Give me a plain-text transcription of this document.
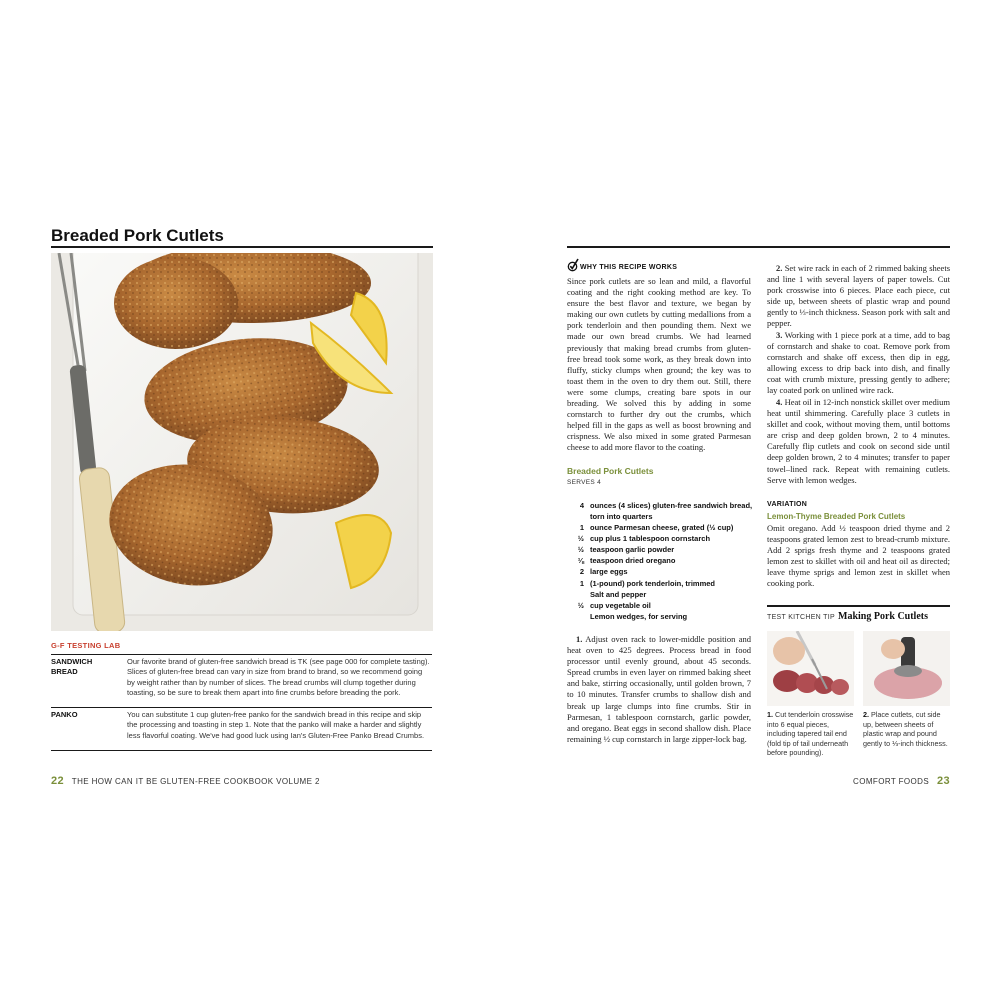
Breaded Pork Cutlets
G-F TESTING LAB
SANDWICH BREAD
Our favorite brand of gluten-free sandwich bread is TK (see page 000 for complete tasting). Slices of gluten-free bread can vary in size from brand to brand, so we recommend going by weight rather than by number of slices. The bread crumbs will clump together during toasting, so be sure to break them apart into fine crumbs before breading the pork.
PANKO	You can substitute 1 cup gluten-free panko for the sandwich bread in this recipe and skip the processing and toasting in step 1. Note that the panko will make a harder and slightly less flavorful coating. We've had good luck using Ian's Gluten-Free Panko Bread Crumbs.
22 THE HOW CAN IT BE GLUTEN-FREE COOKBOOK VOLUME 2
WHY THIS RECIPE WORKS
Since pork cutlets are so lean and mild, a flavorful coating and the right cooking method are key. To ensure the best flavor and texture, we began by making our own cutlets by cutting medallions from a pork tenderloin and then pounding them. Next we made our own bread crumbs. We had learned previously that making bread crumbs from gluten-free bread took some work, as they break down into fluffy, sticky clumps when ground; the key was to toast them in the oven to dry them out. Still, there were some clumps, creating bare spots in our breading. We solved this by adding in some cornstarch to further dry out the crumbs, which helped fill in the gaps as well as boost browning and crispness. We also mixed in some grated Parmesan cheese to add more flavor to the coating.
Breaded Pork Cutlets
SERVES 4
4 ounces (4 slices) gluten-free sandwich bread, torn into quarters
1 ounce Parmesan cheese, grated (½ cup)
½ cup plus 1 tablespoon cornstarch
½ teaspoon garlic powder
⅛ teaspoon dried oregano
2 large eggs
1 (1-pound) pork tenderloin, trimmed
Salt and pepper
½ cup vegetable oil
Lemon wedges, for serving
1. Adjust oven rack to lower-middle position and heat oven to 425 degrees. Process bread in food processor until evenly ground, about 45 seconds. Spread crumbs in even layer on rimmed baking sheet and bake, stirring occasionally, until golden brown, 7 to 10 minutes. Transfer crumbs to shallow dish and break up large clumps into fine crumbs. Stir in Parmesan, 1 tablespoon cornstarch, garlic powder, and oregano. Beat eggs in second shallow dish. Place remaining ½ cup cornstarch in large zipper-lock bag.
2. Set wire rack in each of 2 rimmed baking sheets and line 1 with several layers of paper towels. Cut pork crosswise into 6 pieces. Place each piece, cut side up, between sheets of plastic wrap and pound gently to ⅓-inch thickness. Season pork with salt and pepper.
3. Working with 1 piece pork at a time, add to bag of cornstarch and shake to coat. Remove pork from cornstarch and shake off excess, then dip in egg, allowing excess to drip back into dish, and finally coat with crumb mixture, pressing gently to adhere; lay coated pork on unlined wire rack.
4. Heat oil in 12-inch nonstick skillet over medium heat until shimmering. Carefully place 3 cutlets in skillet and cook, without moving them, until bottoms are crisp and deep golden brown, 2 to 4 minutes. Carefully flip cutlets and cook on second side until deep golden brown, 2 to 4 minutes; transfer to paper towel–lined rack. Repeat with remaining cutlets. Serve with lemon wedges.
VARIATION
Lemon-Thyme Breaded Pork Cutlets
Omit oregano. Add ½ teaspoon dried thyme and 2 teaspoons grated lemon zest to bread-crumb mixture. Add 2 sprigs fresh thyme and 2 teaspoons grated lemon zest to skillet with oil and heat oil as directed; leave thyme sprigs and lemon zest in skillet when cooking pork.
TEST KITCHEN TIP Making Pork Cutlets
1. Cut tenderloin crosswise into 6 equal pieces, including tapered tail end (fold tip of tail underneath before pounding).
2. Place cutlets, cut side up, between sheets of plastic wrap and pound gently to ⅓-inch thickness.
COMFORT FOODS 23
